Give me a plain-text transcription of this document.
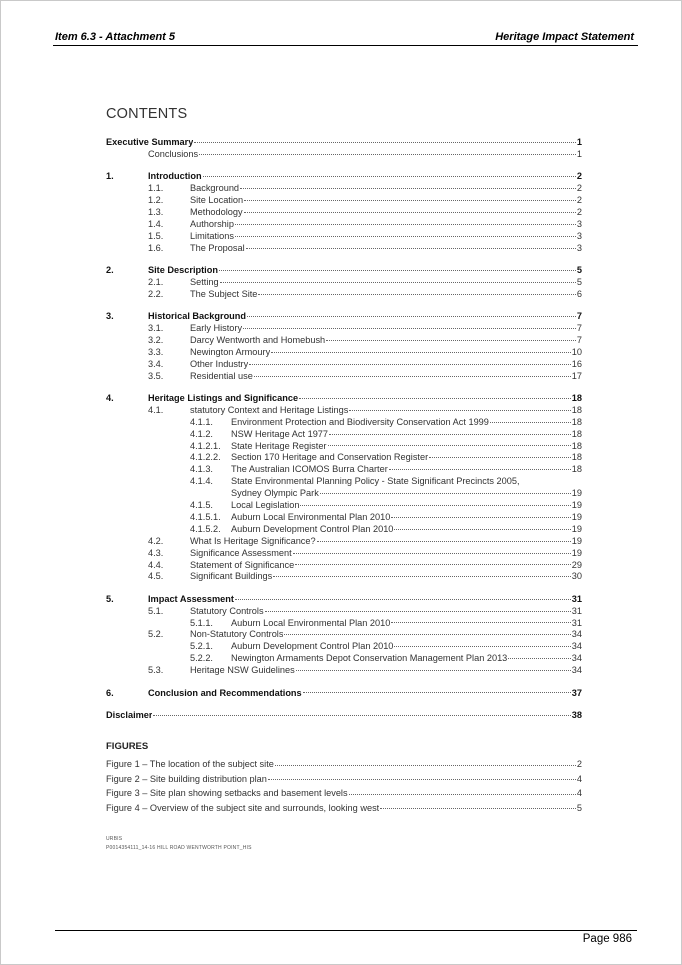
Item 6.3 - Attachment 5	Heritage Impact Statement
CONTENTS
Executive Summary	1
Conclusions	1
1.	Introduction	2
1.1.	Background	2
1.2.	Site Location	2
1.3.	Methodology	2
1.4.	Authorship	3
1.5.	Limitations	3
1.6.	The Proposal	3
2.	Site Description	5
2.1.	Setting	5
2.2.	The Subject Site	6
3.	Historical Background	7
3.1.	Early History	7
3.2.	Darcy Wentworth and Homebush	7
3.3.	Newington Armoury	10
3.4.	Other Industry	16
3.5.	Residential use	17
4.	Heritage Listings and Significance	18
4.1.	statutory Context and Heritage Listings	18
4.1.1. Environment Protection and Biodiversity Conservation Act 1999	18
4.1.2. NSW Heritage Act 1977	18
4.1.2.1. State Heritage Register	18
4.1.2.2. Section 170 Heritage and Conservation Register	18
4.1.3. The Australian ICOMOS Burra Charter	18
4.1.4. State Environmental Planning Policy - State Significant Precincts 2005,
Sydney Olympic Park	19
4.1.5. Local Legislation	19
4.1.5.1. Auburn Local Environmental Plan 2010	19
4.1.5.2. Auburn Development Control Plan 2010	19
4.2.	What Is Heritage Significance?	19
4.3.	Significance Assessment	19
4.4.	Statement of Significance	29
4.5.	Significant Buildings	30
5.	Impact Assessment	31
5.1.	Statutory Controls	31
5.1.1. Auburn Local Environmental Plan 2010	31
5.2.	Non-Statutory Controls	34
5.2.1. Auburn Development Control Plan 2010	34
5.2.2. Newington Armaments Depot Conservation Management Plan 2013	34
5.3.	Heritage NSW Guidelines	34
6.	Conclusion and Recommendations	37
Disclaimer	38
FIGURES
Figure 1 – The location of the subject site	2
Figure 2 – Site building distribution plan	4
Figure 3 – Site plan showing setbacks and basement levels	4
Figure 4 – Overview of the subject site and surrounds, looking west	5
URBIS
P0014354111_14-16 HILL ROAD WENTWORTH POINT_HIS
Page 986
